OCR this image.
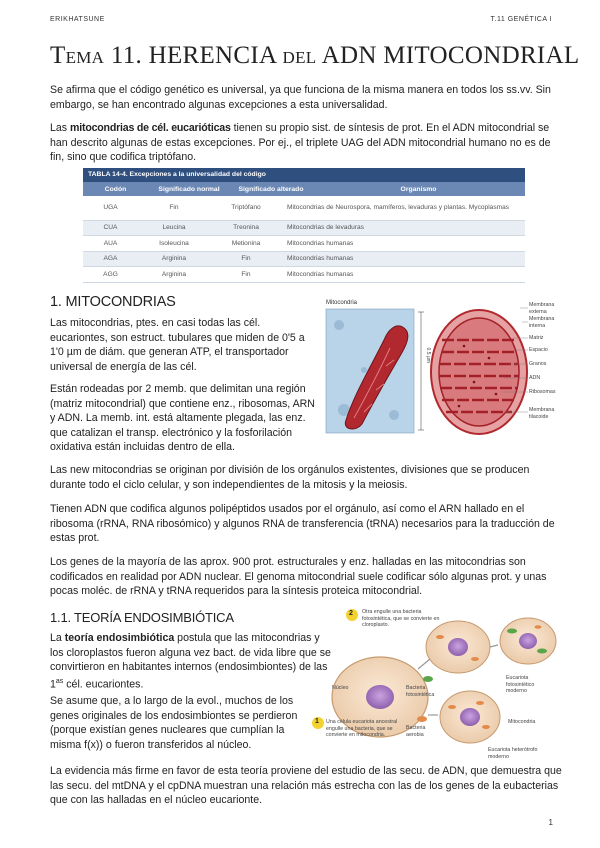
ERIKHATSUNE	T.11 GENÉTICA I
TEMA 11. HERENCIA DEL ADN MITOCONDRIAL
Se afirma que el código genético es universal, ya que funciona de la misma manera en todos los ss.vv. Sin embargo, se han encontrado algunas excepciones a esta universalidad.
Las mitocondrias de cél. eucarióticas tienen su propio sist. de síntesis de prot. En el ADN mitocondrial se han descrito algunas de estas excepciones. Por ej., el triplete UAG del ADN mitocondrial humano no es de fin, sino que codifica triptófano.
TABLA 14-4. Excepciones a la universalidad del código
Codón	Significado normal	Significado alterado	Organismo
UGA	Fin	Triptófano	Mitocondrias de Neurospora, mamíferos, levaduras y plantas. Mycoplasmas
CUA	Leucina	Treonina	Mitocondrias de levaduras
AUA	Isoleucina	Metionina	Mitocondrias humanas
AGA	Arginina	Fin	Mitocondrias humanas
AGG	Arginina	Fin	Mitocondrias humanas
1. MITOCONDRIAS
Las mitocondrias, ptes. en casi todas las cél. eucariontes, son estruct. tubulares que miden de 0'5 a 1'0 µm de diám. que generan ATP, el transportador universal de energía de las cél.
Están rodeadas por 2 memb. que delimitan una región (matriz mitocondrial) que contiene enz., ribosomas, ARN y ADN. La memb. int. está altamente plegada, las enz. que catalizan el transp. electrónico y la fosforilación oxidativa están incluidas dentro de ella.
Mitocondria
0.5 µm
Membrana externa
Membrana interna
Matriz
Espacio
Granos
ADN
Ribosomas
Membrana tilacoide
Las new mitocondrias se originan por división de los orgánulos existentes, divisiones que se producen durante todo el ciclo celular, y son independientes de la mitosis y la meiosis.
Tienen ADN que codifica algunos polipéptidos usados por el orgánulo, así como el ARN hallado en el ribosoma (rRNA, RNA ribosómico) y algunos RNA de transferencia (tRNA) necesarios para la traducción de estas prot.
Los genes de la mayoría de las aprox. 900 prot. estructurales y enz. halladas en las mitocondrias son codificados en realidad por ADN nuclear. El genoma mitocondrial suele codificar sólo algunas prot. y unas pocas moléc. de rRNA y tRNA requeridos para la síntesis proteica mitocondrial.
1.1. TEORÍA ENDOSIMBIÓTICA
La teoría endosimbiótica postula que las mitocondrias y los cloroplastos fueron alguna vez bact. de vida libre que se convirtieron en habitantes internos (endosimbiontes) de las $1^{as}$ cél. eucariontes.
Se asume que, a lo largo de la evol., muchos de los genes originales de los endosimbiontes se perdieron (porque existían genes nucleares que cumplían la misma f(x)) o fueron transferidos al núcleo.
2
1
Otra engulle una bacteria fotosintética, que se convierte en cloroplasto.
Una célula eucariota ancestral engulle una bacteria, que se convierte en mitocondria.
Núcleo	Bacteria fotosintética
Bacteria aerobia
Eucariota fotosintético moderno
Mitocondria
Eucariota heterótrofo moderno
La evidencia más firme en favor de esta teoría proviene del estudio de las secu. de ADN, que demuestra que las secu. del mtDNA y el cpDNA muestran una relación más estrecha con las de los genes de la eubacterias que con las halladas en el núcleo eucarionte.
1
